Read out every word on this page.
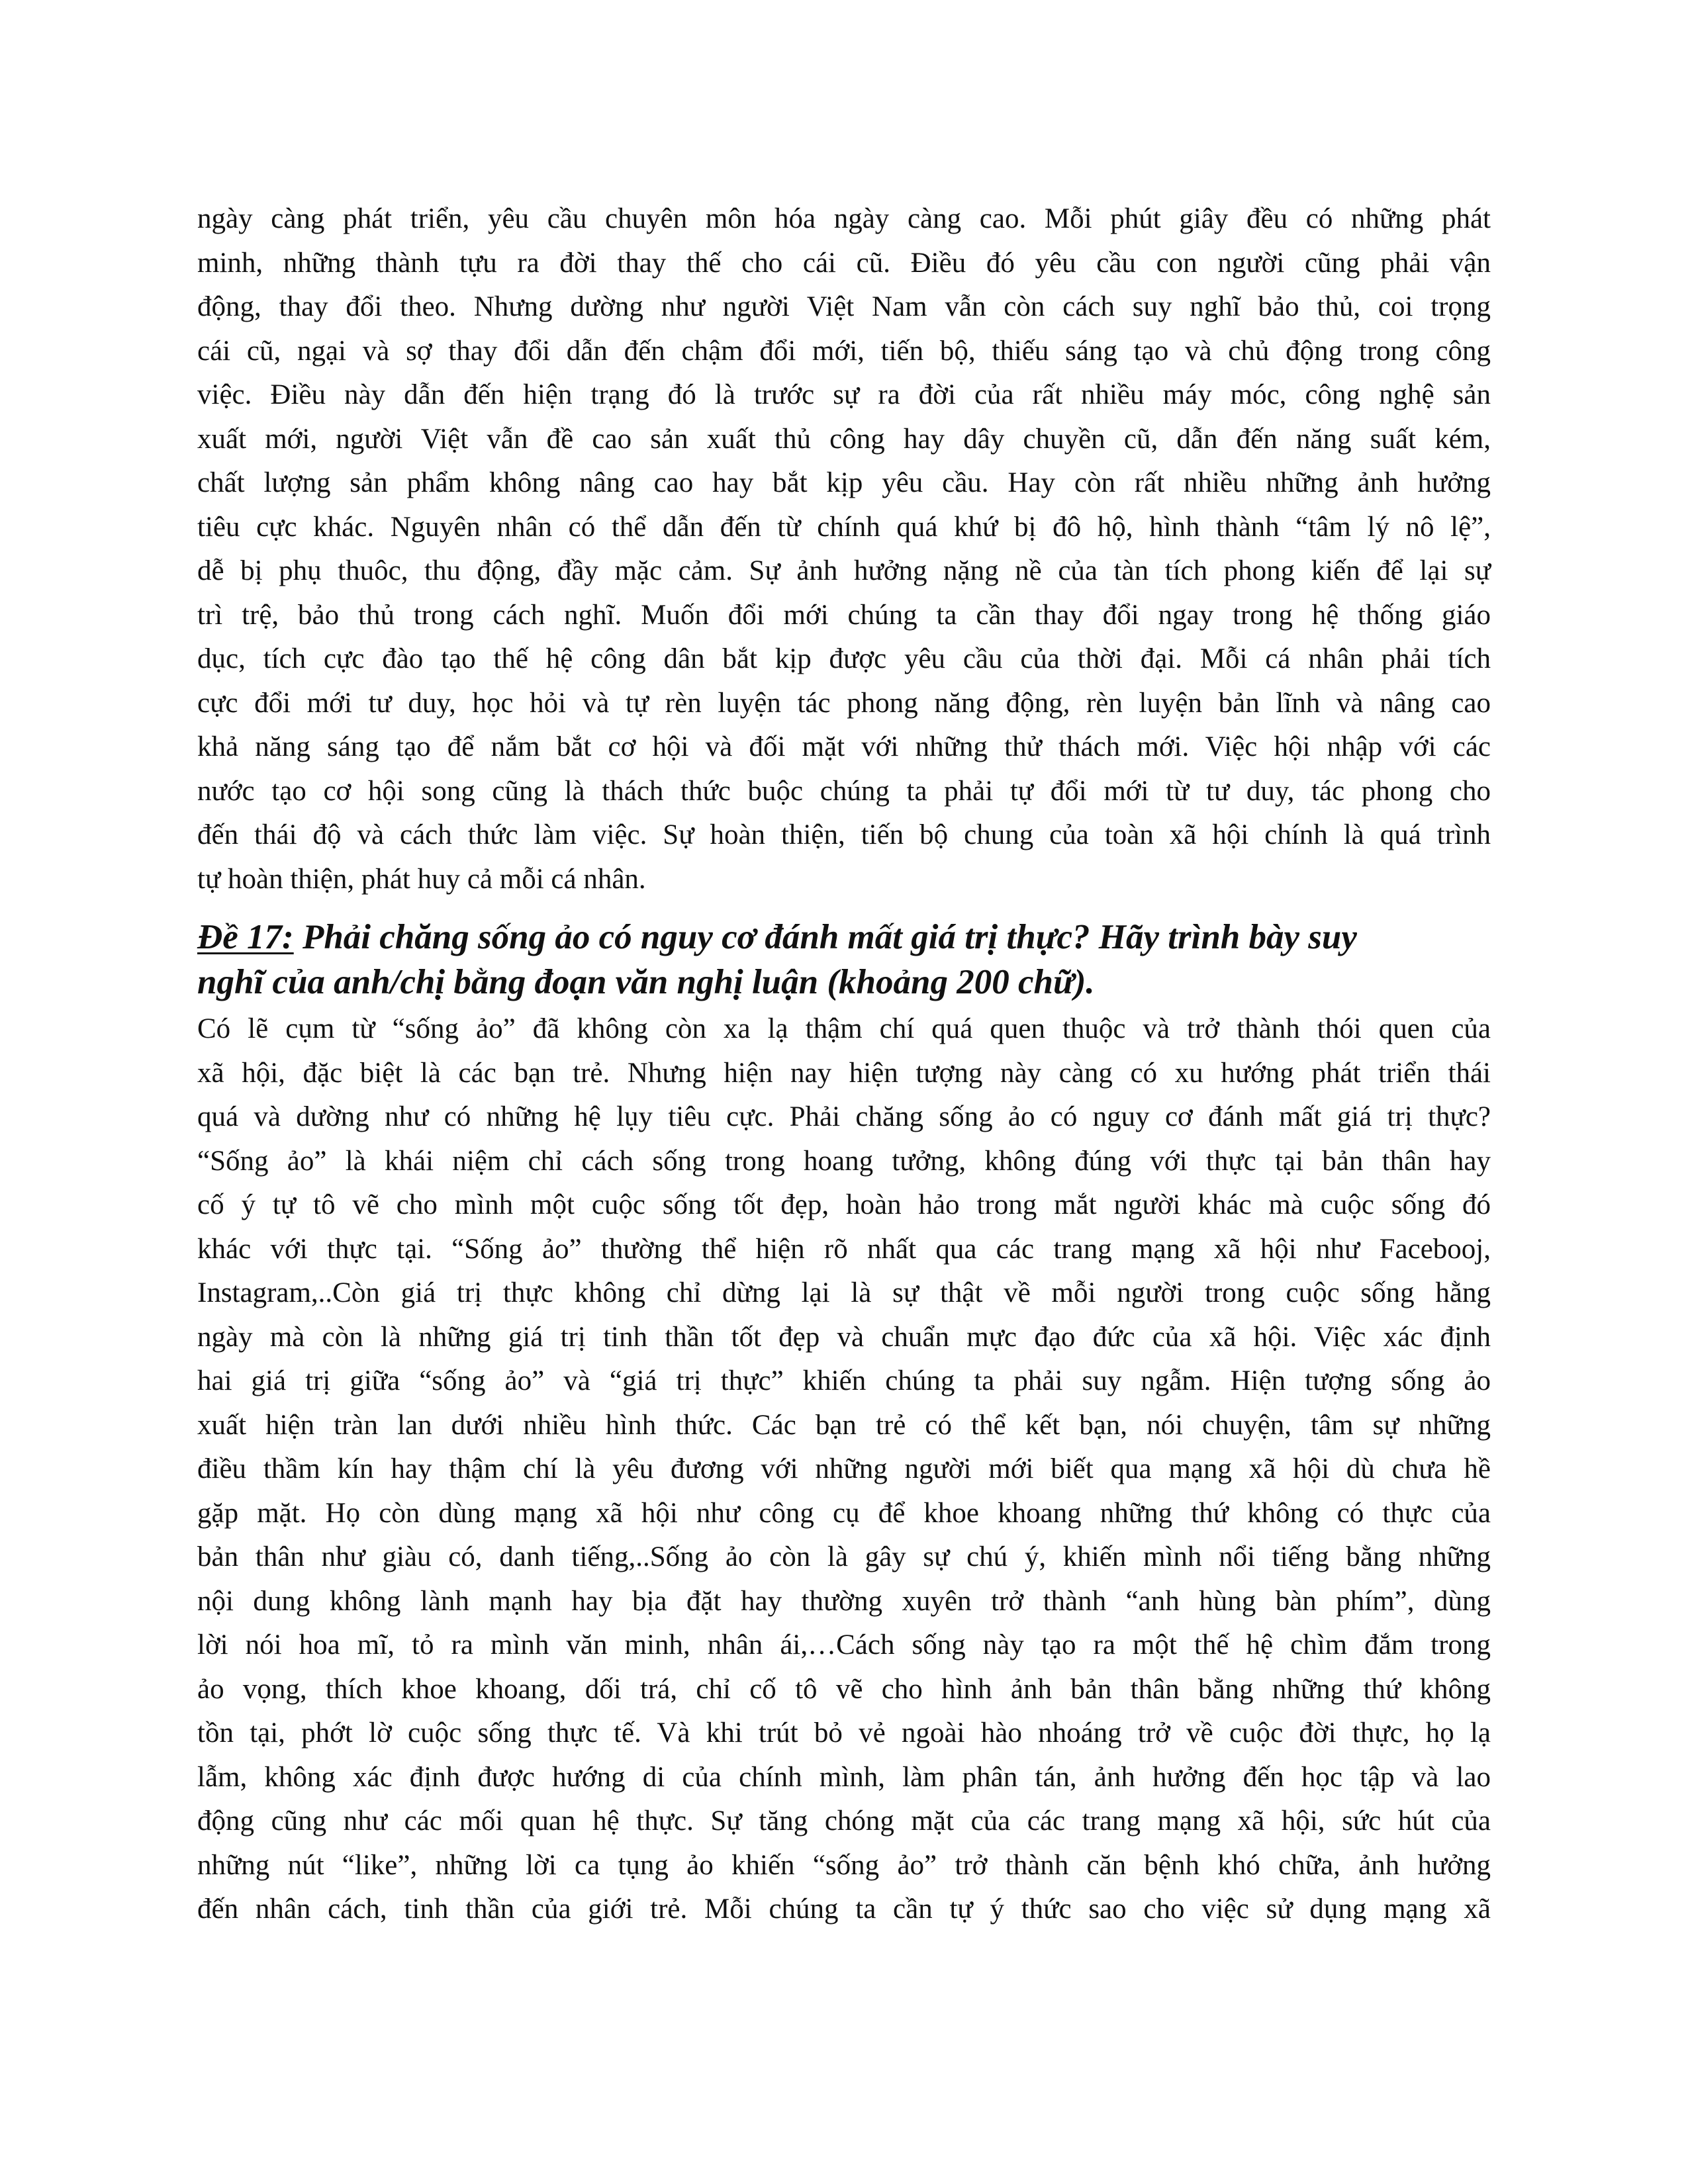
ngày càng phát triển, yêu cầu chuyên môn hóa ngày càng cao. Mỗi phút giây đều có những phát
minh, những thành tựu ra đời thay thế cho cái cũ. Điều đó yêu cầu con người cũng phải vận
động, thay đổi theo. Nhưng dường như người Việt Nam vẫn còn cách suy nghĩ bảo thủ, coi trọng
cái cũ, ngại và sợ thay đổi dẫn đến chậm đổi mới, tiến bộ, thiếu sáng tạo và chủ động trong công
việc. Điều này dẫn đến hiện trạng đó là trước sự ra đời của rất nhiều máy móc, công nghệ sản
xuất mới, người Việt vẫn đề cao sản xuất thủ công hay dây chuyền cũ, dẫn đến năng suất kém,
chất lượng sản phẩm không nâng cao hay bắt kịp yêu cầu. Hay còn rất nhiều những ảnh hưởng
tiêu cực khác. Nguyên nhân có thể dẫn đến từ chính quá khứ bị đô hộ, hình thành “tâm lý nô lệ”,
dễ bị phụ thuôc, thu động, đầy mặc cảm. Sự ảnh hưởng nặng nề của tàn tích phong kiến để lại sự
trì trệ, bảo thủ trong cách nghĩ. Muốn đổi mới chúng ta cần thay đổi ngay trong hệ thống giáo
dục, tích cực đào tạo thế hệ công dân bắt kịp được yêu cầu của thời đại. Mỗi cá nhân phải tích
cực đổi mới tư duy, học hỏi và tự rèn luyện tác phong năng động, rèn luyện bản lĩnh và nâng cao
khả năng sáng tạo để nắm bắt cơ hội và đối mặt với những thử thách mới. Việc hội nhập với các
nước tạo cơ hội song cũng là thách thức buộc chúng ta phải tự đổi mới từ tư duy, tác phong cho
đến thái độ và cách thức làm việc. Sự hoàn thiện, tiến bộ chung của toàn xã hội chính là quá trình
tự hoàn thiện, phát huy cả mỗi cá nhân.
Đề 17: Phải chăng sống ảo có nguy cơ đánh mất giá trị thực? Hãy trình bày suy
nghĩ của anh/chị bằng đoạn văn nghị luận (khoảng 200 chữ).
Có lẽ cụm từ “sống ảo” đã không còn xa lạ thậm chí quá quen thuộc và trở thành thói quen của
xã hội, đặc biệt là các bạn trẻ. Nhưng hiện nay hiện tượng này càng có xu hướng phát triển thái
quá và dường như có những hệ lụy tiêu cực. Phải chăng sống ảo có nguy cơ đánh mất giá trị thực?
“Sống ảo” là khái niệm chỉ cách sống trong hoang tưởng, không đúng với thực tại bản thân hay
cố ý tự tô vẽ cho mình một cuộc sống tốt đẹp, hoàn hảo trong mắt người khác mà cuộc sống đó
khác với thực tại. “Sống ảo” thường thể hiện rõ nhất qua các trang mạng xã hội như Facebooj,
Instagram,..Còn giá trị thực không chỉ dừng lại là sự thật về mỗi người trong cuộc sống hằng
ngày mà còn là những giá trị tinh thần tốt đẹp và chuẩn mực đạo đức của xã hội. Việc xác định
hai giá trị giữa “sống ảo” và “giá trị thực” khiến chúng ta phải suy ngẫm. Hiện tượng sống ảo
xuất hiện tràn lan dưới nhiều hình thức. Các bạn trẻ có thể kết bạn, nói chuyện, tâm sự những
điều thầm kín hay thậm chí là yêu đương với những người mới biết qua mạng xã hội dù chưa hề
gặp mặt. Họ còn dùng mạng xã hội như công cụ để khoe khoang những thứ không có thực của
bản thân như giàu có, danh tiếng,..Sống ảo còn là gây sự chú ý, khiến mình nổi tiếng bằng những
nội dung không lành mạnh hay bịa đặt hay thường xuyên trở thành “anh hùng bàn phím”, dùng
lời nói hoa mĩ, tỏ ra mình văn minh, nhân ái,…Cách sống này tạo ra một thế hệ chìm đắm trong
ảo vọng, thích khoe khoang, dối trá, chỉ cố tô vẽ cho hình ảnh bản thân bằng những thứ không
tồn tại, phớt lờ cuộc sống thực tế. Và khi trút bỏ vẻ ngoài hào nhoáng trở về cuộc đời thực, họ lạ
lẫm, không xác định được hướng di của chính mình, làm phân tán, ảnh hưởng đến học tập và lao
động cũng như các mối quan hệ thực. Sự tăng chóng mặt của các trang mạng xã hội, sức hút của
những nút “like”, những lời ca tụng ảo khiến “sống ảo” trở thành căn bệnh khó chữa, ảnh hưởng
đến nhân cách, tinh thần của giới trẻ. Mỗi chúng ta cần tự ý thức sao cho việc sử dụng mạng xã
